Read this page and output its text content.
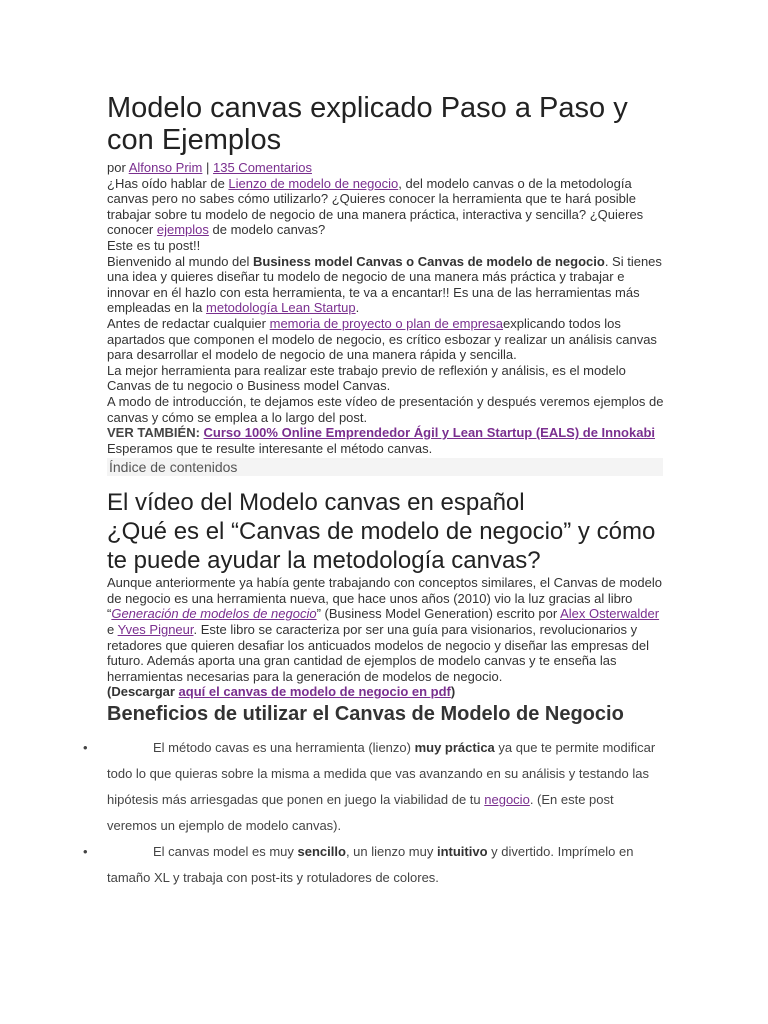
Modelo canvas explicado Paso a Paso y con Ejemplos

por Alfonso Prim | 135 Comentarios

¿Has oído hablar de Lienzo de modelo de negocio, del modelo canvas o de la metodología canvas pero no sabes cómo utilizarlo? ¿Quieres conocer la herramienta que te hará posible trabajar sobre tu modelo de negocio de una manera práctica, interactiva y sencilla? ¿Quieres conocer ejemplos de modelo canvas?

Este es tu post!!

Bienvenido al mundo del Business model Canvas o Canvas de modelo de negocio. Si tienes una idea y quieres diseñar tu modelo de negocio de una manera más práctica y trabajar e innovar en él hazlo con esta herramienta, te va a encantar!! Es una de las herramientas más empleadas en la metodología Lean Startup.

Antes de redactar cualquier memoria de proyecto o plan de empresaexplicando todos los apartados que componen el modelo de negocio, es crítico esbozar y realizar un análisis canvas para desarrollar el modelo de negocio de una manera rápida y sencilla.

La mejor herramienta para realizar este trabajo previo de reflexión y análisis, es el modelo Canvas de tu negocio o Business model Canvas.

A modo de introducción, te dejamos este vídeo de presentación y después veremos ejemplos de canvas y cómo se emplea a lo largo del post.

VER TAMBIÉN: Curso 100% Online Emprendedor Ágil y Lean Startup (EALS) de Innokabi

Esperamos que te resulte interesante el método canvas.

Índice de contenidos
El vídeo del Modelo canvas en español
¿Qué es el “Canvas de modelo de negocio” y cómo te puede ayudar la metodología canvas?

Aunque anteriormente ya había gente trabajando con conceptos similares, el Canvas de modelo de negocio es una herramienta nueva, que hace unos años (2010) vio la luz gracias al libro “Generación de modelos de negocio” (Business Model Generation) escrito por Alex Osterwalder e Yves Pigneur. Este libro se caracteriza por ser una guía para visionarios, revolucionarios y retadores que quieren desafiar los anticuados modelos de negocio y diseñar las empresas del futuro. Además aporta una gran cantidad de ejemplos de modelo canvas y te enseña las herramientas necesarias para la generación de modelos de negocio.

(Descargar aquí el canvas de modelo de negocio en pdf)

Beneficios de utilizar el Canvas de Modelo de Negocio
•	El método cavas es una herramienta (lienzo) muy práctica ya que te permite modificar todo lo que quieras sobre la misma a medida que vas avanzando en su análisis y testando las hipótesis más arriesgadas que ponen en juego la viabilidad de tu negocio. (En este post veremos un ejemplo de modelo canvas).
•	El canvas model es muy sencillo, un lienzo muy intuitivo y divertido. Imprímelo en tamaño XL y trabaja con post-its y rotuladores de colores.
